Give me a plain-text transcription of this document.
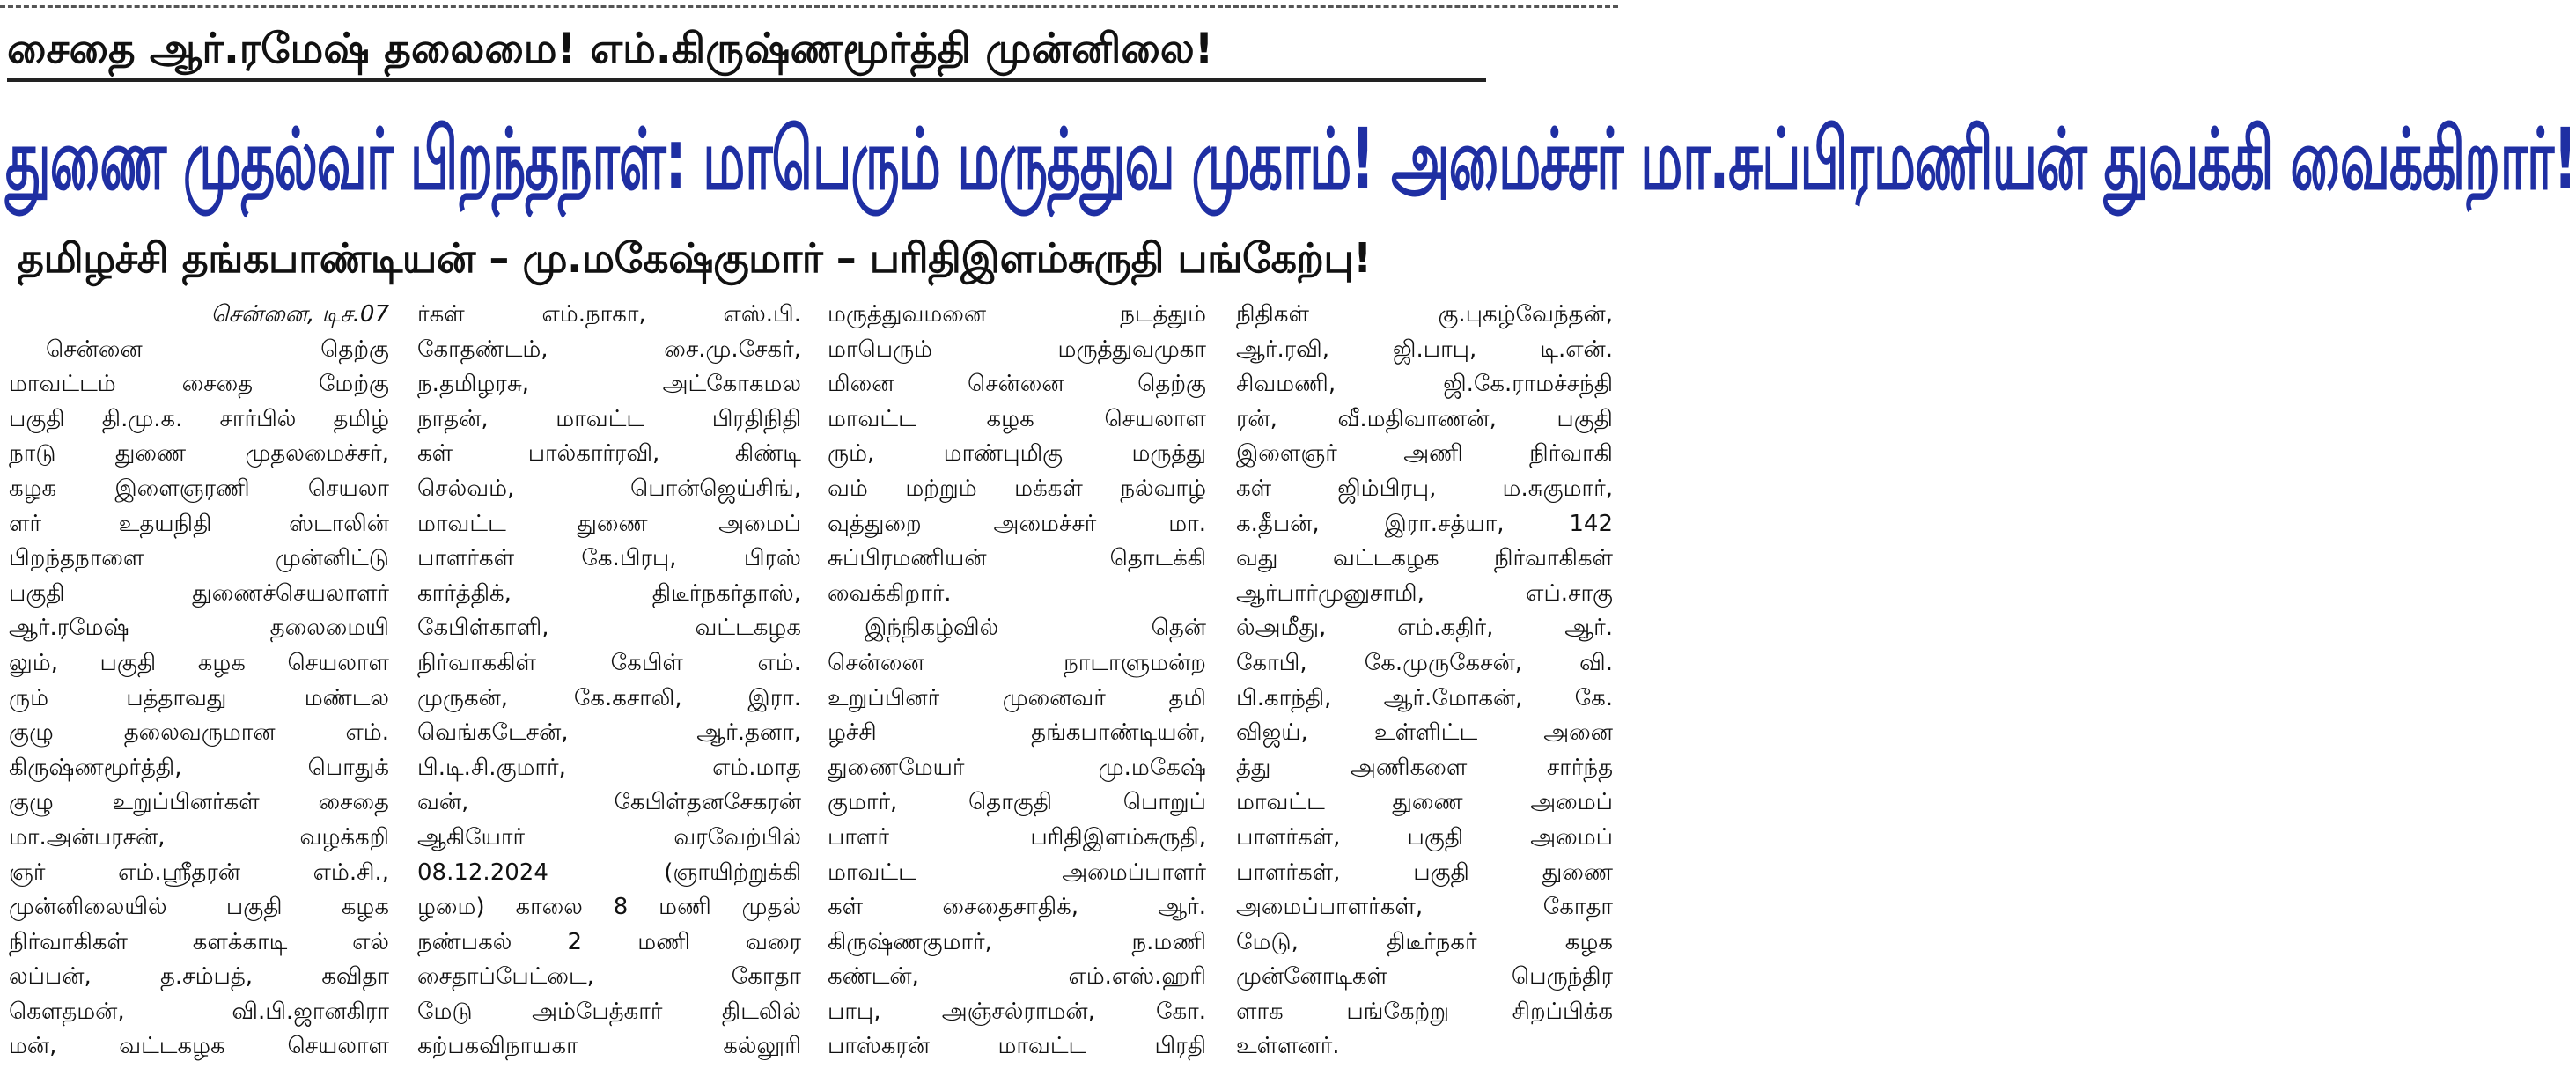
சைதை ஆர்.ரமேஷ் தலைமை! எம்.கிருஷ்ணமூர்த்தி முன்னிலை!
துணை முதல்வர் பிறந்தநாள்: மாபெரும் மருத்துவ முகாம்! அமைச்சர் மா.சுப்பிரமணியன் துவக்கி வைக்கிறார்!
தமிழச்சி தங்கபாண்டியன் – மு.மகேஷ்குமார் – பரிதிஇளம்சுருதி பங்கேற்பு!
சென்னை, டிச.07
சென்னை தெற்கு
மாவட்டம் சைதை மேற்கு
பகுதி தி.மு.க. சார்பில் தமிழ்
நாடு துணை முதலமைச்சர்,
கழக இளைஞரணி செயலா
ளர் உதயநிதி ஸ்டாலின்
பிறந்தநாளை முன்னிட்டு
பகுதி துணைச்செயலாளர்
ஆர்.ரமேஷ் தலைமையி
லும், பகுதி கழக செயலாள
ரும் பத்தாவது மண்டல
குழு தலைவருமான எம்.
கிருஷ்ணமூர்த்தி, பொதுக்
குழு உறுப்பினர்கள் சைதை
மா.அன்பரசன், வழக்கறி
ஞர் எம்.ஸ்ரீதரன் எம்.சி.,
முன்னிலையில் பகுதி கழக
நிர்வாகிகள் களக்காடி எல்
லப்பன், த.சம்பத், கவிதா
கௌதமன், வி.பி.ஜானகிரா
மன், வட்டகழக செயலாள
ர்கள் எம்.நாகா, எஸ்.பி.
கோதண்டம், சை.மு.சேகர்,
ந.தமிழரசு, அட்கோகமல
நாதன், மாவட்ட பிரதிநிதி
கள் பால்கார்ரவி, கிண்டி
செல்வம், பொன்ஜெய்சிங்,
மாவட்ட துணை அமைப்
பாளர்கள் கே.பிரபு, பிரஸ்
கார்த்திக், திடீர்நகர்தாஸ்,
கேபிள்காளி, வட்டகழக
நிர்வாககிள் கேபிள் எம்.
முருகன், கே.கசாலி, இரா.
வெங்கடேசன், ஆர்.தனா,
பி.டி.சி.குமார், எம்.மாத
வன், கேபிள்தனசேகரன்
ஆகியோர் வரவேற்பில்
08.12.2024 (ஞாயிற்றுக்கி
ழமை) காலை 8 மணி முதல்
நண்பகல் 2 மணி வரை
சைதாப்பேட்டை, கோதா
மேடு அம்பேத்கார் திடலில்
கற்பகவிநாயகா கல்லூரி
மருத்துவமனை நடத்தும்
மாபெரும் மருத்துவமுகா
மினை சென்னை தெற்கு
மாவட்ட கழக செயலாள
ரும், மாண்புமிகு மருத்து
வம் மற்றும் மக்கள் நல்வாழ்
வுத்துறை அமைச்சர் மா.
சுப்பிரமணியன் தொடக்கி
வைக்கிறார்.
இந்நிகழ்வில் தென்
சென்னை நாடாளுமன்ற
உறுப்பினர் முனைவர் தமி
ழச்சி தங்கபாண்டியன்,
துணைமேயர் மு.மகேஷ்
குமார், தொகுதி பொறுப்
பாளர் பரிதிஇளம்சுருதி,
மாவட்ட அமைப்பாளர்
கள் சைதைசாதிக், ஆர்.
கிருஷ்ணகுமார், ந.மணி
கண்டன், எம்.எஸ்.ஹரி
பாபு, அஞ்சல்ராமன், கோ.
பாஸ்கரன் மாவட்ட பிரதி
நிதிகள் கு.புகழ்வேந்தன்,
ஆர்.ரவி, ஜி.பாபு, டி.என்.
சிவமணி, ஜி.கே.ராமச்சந்தி
ரன், வீ.மதிவாணன், பகுதி
இளைஞர் அணி நிர்வாகி
கள் ஜிம்பிரபு, ம.சுகுமார்,
க.தீபன், இரா.சத்யா, 142
வது வட்டகழக நிர்வாகிகள்
ஆர்பார்முனுசாமி, எப்.சாகு
ல்அமீது, எம்.கதிர், ஆர்.
கோபி, கே.முருகேசன், வி.
பி.காந்தி, ஆர்.மோகன், கே.
விஜய், உள்ளிட்ட அனை
த்து அணிகளை சார்ந்த
மாவட்ட துணை அமைப்
பாளர்கள், பகுதி அமைப்
பாளர்கள், பகுதி துணை
அமைப்பாளர்கள், கோதா
மேடு, திடீர்நகர் கழக
முன்னோடிகள் பெருந்திர
ளாக பங்கேற்று சிறப்பிக்க
உள்ளனர்.
